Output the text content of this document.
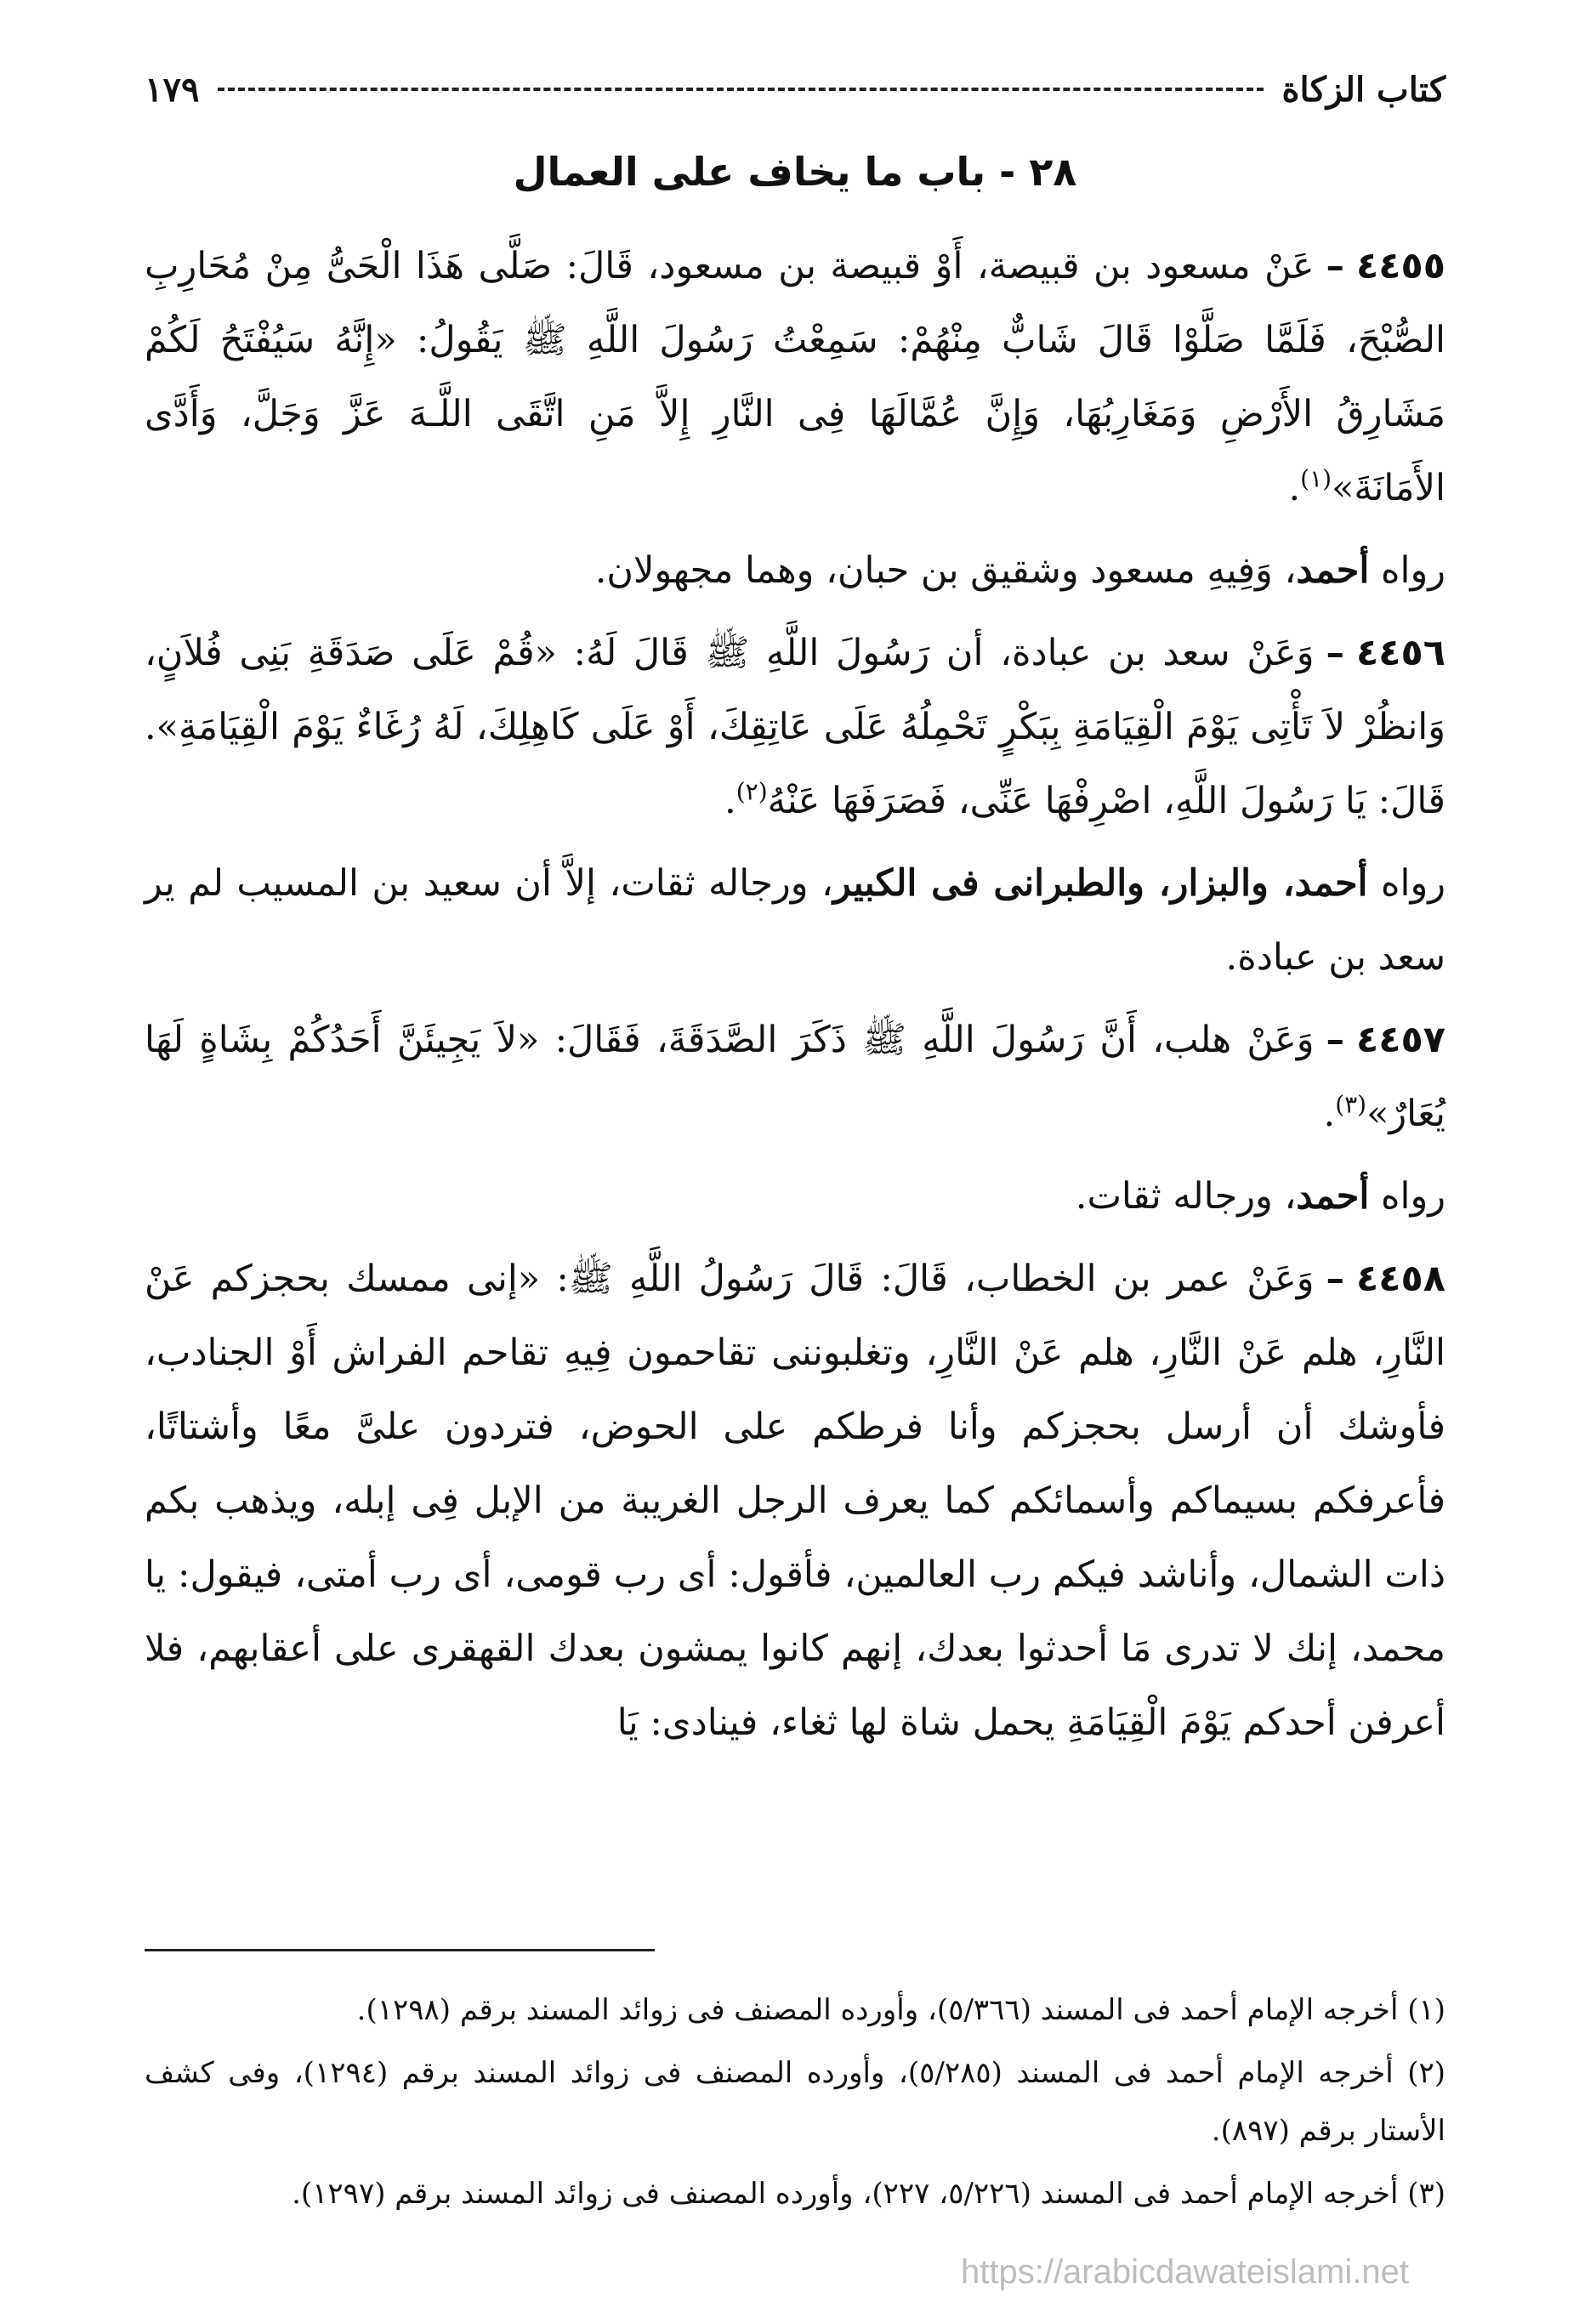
كتاب الزكاة
١٧٩
٢٨ - باب ما يخاف على العمال

٤٤٥٥–عَنْ مسعود بن قبيصة، أَوْ قبيصة بن مسعود، قَالَ: صَلَّى هَذَا الْحَىُّ مِنْ مُحَارِبِ الصُّبْحَ، فَلَمَّا صَلَّوْا قَالَ شَابٌّ مِنْهُمْ: سَمِعْتُ رَسُولَ اللَّهِ ﷺ يَقُولُ: «إِنَّهُ سَيُفْتَحُ لَكُمْ مَشَارِقُ الأَرْضِ وَمَغَارِبُهَا، وَإِنَّ عُمَّالَهَا فِى النَّارِ إِلاَّ مَنِ اتَّقَى اللَّـهَ عَزَّ وَجَلَّ، وَأَدَّى الأَمَانَةَ»$^{(١)}$.

رواه أحمد، وَفِيهِ مسعود وشقيق بن حبان، وهما مجهولان.

٤٤٥٦–وَعَنْ سعد بن عبادة، أن رَسُولَ اللَّهِ ﷺ قَالَ لَهُ: «قُمْ عَلَى صَدَقَةِ بَنِى فُلاَنٍ، وَانظُرْ لاَ تَأْتِى يَوْمَ الْقِيَامَةِ بِبَكْرٍ تَحْمِلُهُ عَلَى عَاتِقِكَ، أَوْ عَلَى كَاهِلِكَ، لَهُ رُغَاءٌ يَوْمَ الْقِيَامَةِ». قَالَ: يَا رَسُولَ اللَّهِ، اصْرِفْهَا عَنِّى، فَصَرَفَهَا عَنْهُ$^{(٢)}$.

رواه أحمد، والبزار، والطبرانى فى الكبير، ورجاله ثقات، إلاَّ أن سعيد بن المسيب لم ير سعد بن عبادة.

٤٤٥٧–وَعَنْ هلب، أَنَّ رَسُولَ اللَّهِ ﷺ ذَكَرَ الصَّدَقَةَ، فَقَالَ: «لاَ يَجِيئَنَّ أَحَدُكُمْ بِشَاةٍ لَهَا يُعَارٌ»$^{(٣)}$.

رواه أحمد، ورجاله ثقات.

٤٤٥٨–وَعَنْ عمر بن الخطاب، قَالَ: قَالَ رَسُولُ اللَّهِ ﷺ: «إنى ممسك بحجزكم عَنْ النَّارِ، هلم عَنْ النَّارِ، هلم عَنْ النَّارِ، وتغلبوننى تقاحمون فِيهِ تقاحم الفراش أَوْ الجنادب، فأوشك أن أرسل بحجزكم وأنا فرطكم على الحوض، فتردون علىَّ معًا وأشتاتًا، فأعرفكم بسيماكم وأسمائكم كما يعرف الرجل الغريبة من الإبل فِى إبله، ويذهب بكم ذات الشمال، وأناشد فيكم رب العالمين، فأقول: أى رب قومى، أى رب أمتى، فيقول: يا محمد، إنك لا تدرى مَا أحدثوا بعدك، إنهم كانوا يمشون بعدك القهقرى على أعقابهم، فلا أعرفن أحدكم يَوْمَ الْقِيَامَةِ يحمل شاة لها ثغاء، فينادى: يَا

(١) أخرجه الإمام أحمد فى المسند (٥/٣٦٦)، وأورده المصنف فى زوائد المسند برقم (١٢٩٨).

(٢) أخرجه الإمام أحمد فى المسند (٥/٢٨٥)، وأورده المصنف فى زوائد المسند برقم (١٢٩٤)، وفى كشف الأستار برقم (٨٩٧).

(٣) أخرجه الإمام أحمد فى المسند (٥/٢٢٦، ٢٢٧)، وأورده المصنف فى زوائد المسند برقم (١٢٩٧).

https://arabicdawateislami.net
